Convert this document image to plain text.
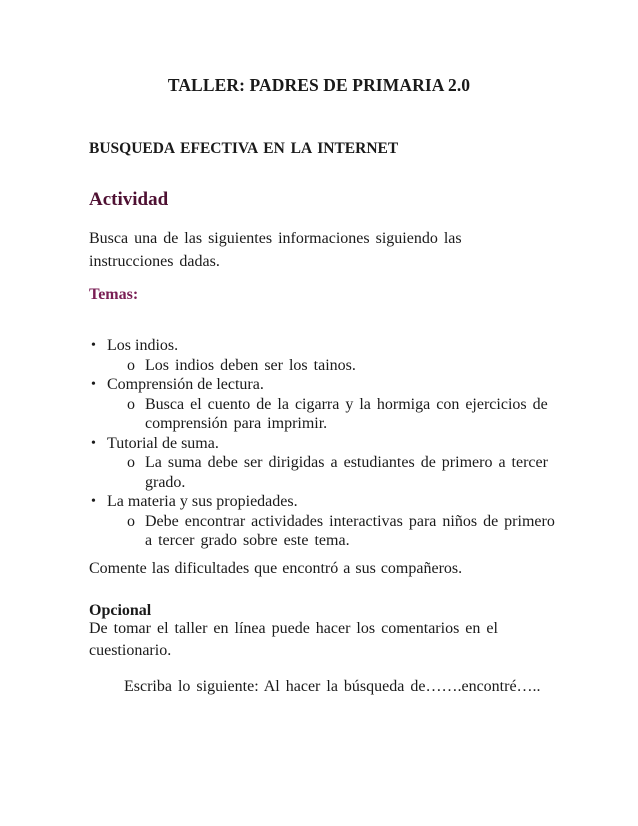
TALLER: PADRES DE PRIMARIA 2.0
BUSQUEDA EFECTIVA EN LA INTERNET
Actividad
Busca una de las siguientes informaciones siguiendo las instrucciones dadas.
Temas:
• Los indios.
o Los indios deben ser los tainos.
• Comprensión de lectura.
o Busca el cuento de la cigarra y la hormiga con ejercicios de comprensión para imprimir.
• Tutorial de suma.
o La suma debe ser dirigidas a estudiantes de primero a tercer grado.
• La materia y sus propiedades.
o Debe encontrar actividades interactivas para niños de primero a tercer grado sobre este tema.
Comente las dificultades que encontró a sus compañeros.
Opcional
De tomar el taller en línea puede hacer los comentarios en el cuestionario.
Escriba lo siguiente: Al hacer la búsqueda de…….encontré…..
